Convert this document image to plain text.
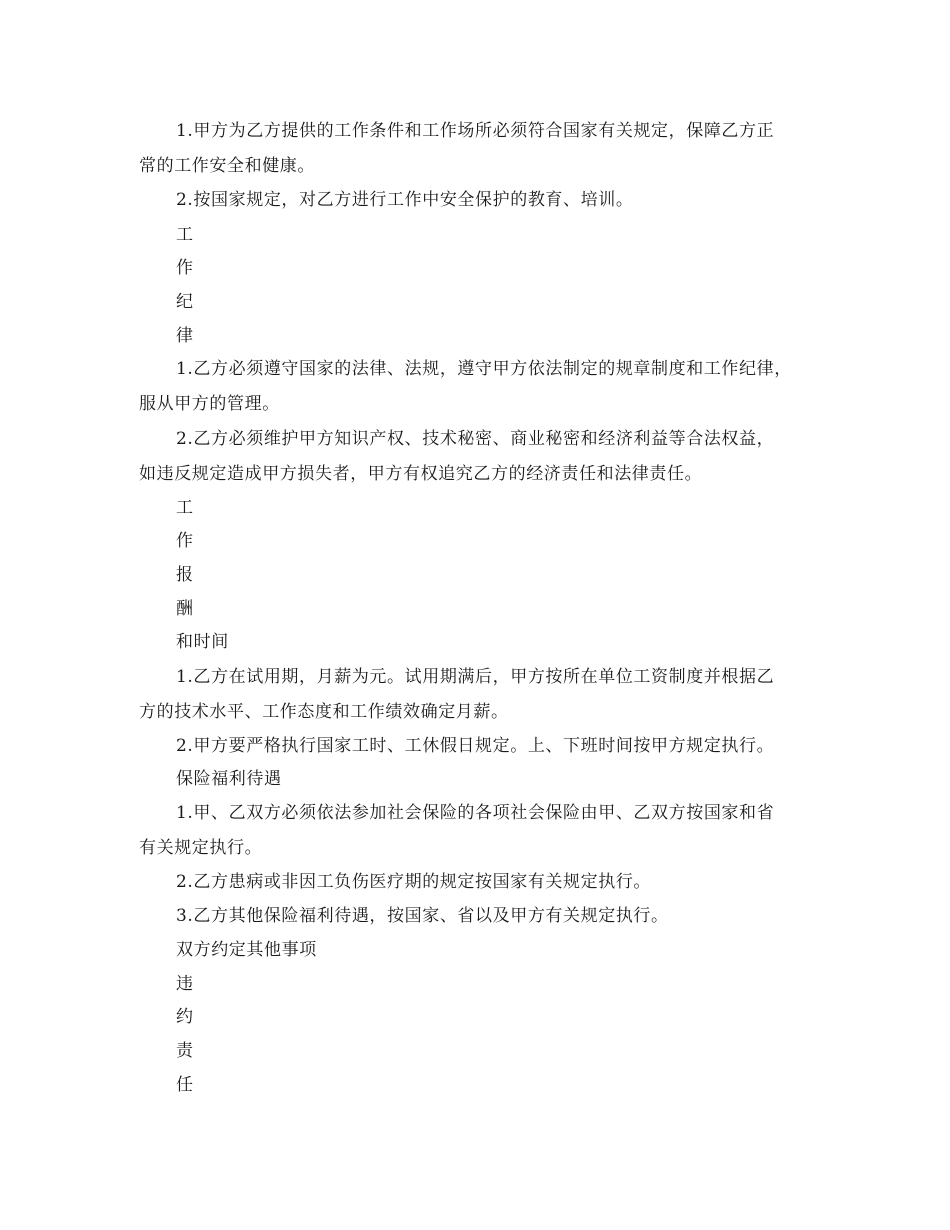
1.甲方为乙方提供的工作条件和工作场所必须符合国家有关规定，保障乙方正
常的工作安全和健康。
2.按国家规定，对乙方进行工作中安全保护的教育、培训。
工
作
纪
律
1.乙方必须遵守国家的法律、法规，遵守甲方依法制定的规章制度和工作纪律，
服从甲方的管理。
2.乙方必须维护甲方知识产权、技术秘密、商业秘密和经济利益等合法权益，
如违反规定造成甲方损失者，甲方有权追究乙方的经济责任和法律责任。
工
作
报
酬
和时间
1.乙方在试用期，月薪为元。试用期满后，甲方按所在单位工资制度并根据乙
方的技术水平、工作态度和工作绩效确定月薪。
2.甲方要严格执行国家工时、工休假日规定。上、下班时间按甲方规定执行。
保险福利待遇
1.甲、乙双方必须依法参加社会保险的各项社会保险由甲、乙双方按国家和省
有关规定执行。
2.乙方患病或非因工负伤医疗期的规定按国家有关规定执行。
3.乙方其他保险福利待遇，按国家、省以及甲方有关规定执行。
双方约定其他事项
违
约
责
任
